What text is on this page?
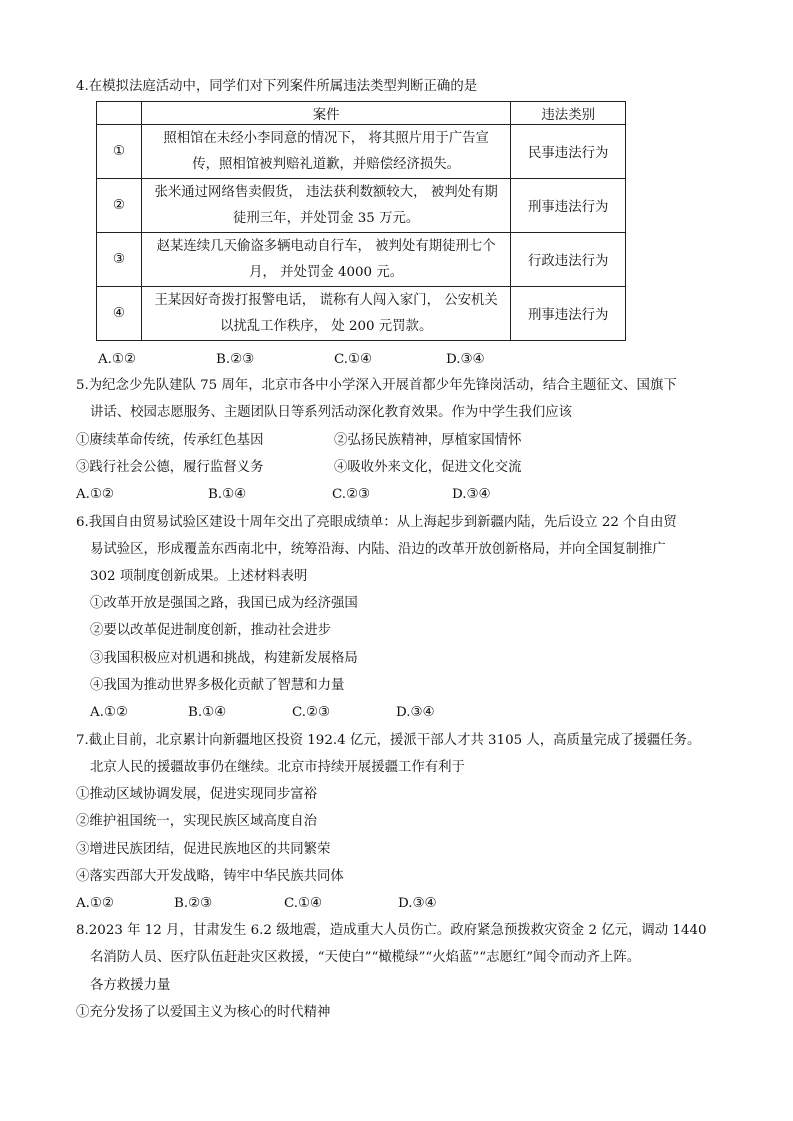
4.在模拟法庭活动中，同学们对下列案件所属违法类型判断正确的是
	案件	违法类别
①	照相馆在未经小李同意的情况下， 将其照片用于广告宣
传，照相馆被判赔礼道歉，并赔偿经济损失。	民事违法行为
②	张米通过网络售卖假货， 违法获利数额较大， 被判处有期
徒刑三年，并处罚金 35 万元。	刑事违法行为
③	赵某连续几天偷盗多辆电动自行车， 被判处有期徒刑七个
月， 并处罚金 4000 元。	行政违法行为
④	王某因好奇拨打报警电话， 谎称有人闯入家门， 公安机关
以扰乱工作秩序， 处 200 元罚款。	刑事违法行为
A.①②	B.②③	C.①④	D.③④
5.为纪念少先队建队 75 周年，北京市各中小学深入开展首都少年先锋岗活动，结合主题征文、国旗下
讲话、校园志愿服务、主题团队日等系列活动深化教育效果。作为中学生我们应该
①赓续革命传统，传承红色基因	②弘扬民族精神，厚植家国情怀
③践行社会公德，履行监督义务	④吸收外来文化，促进文化交流
A.①②	B.①④	C.②③	D.③④
6.我国自由贸易试验区建设十周年交出了亮眼成绩单：从上海起步到新疆内陆，先后设立 22 个自由贸
易试验区，形成覆盖东西南北中，统筹沿海、内陆、沿边的改革开放创新格局，并向全国复制推广
302 项制度创新成果。上述材料表明
①改革开放是强国之路，我国已成为经济强国
②要以改革促进制度创新，推动社会进步
③我国积极应对机遇和挑战，构建新发展格局
④我国为推动世界多极化贡献了智慧和力量
A.①②	B.①④	C.②③	D.③④
7.截止目前，北京累计向新疆地区投资 192.4 亿元，援派干部人才共 3105 人，高质量完成了援疆任务。
北京人民的援疆故事仍在继续。北京市持续开展援疆工作有利于
①推动区域协调发展，促进实现同步富裕
②维护祖国统一，实现民族区域高度自治
③增进民族团结，促进民族地区的共同繁荣
④落实西部大开发战略，铸牢中华民族共同体
A.①②	B.②③	C.①④	D.③④
8.2023 年 12 月，甘肃发生 6.2 级地震，造成重大人员伤亡。政府紧急预拨救灾资金 2 亿元，调动 1440
名消防人员、医疗队伍赶赴灾区救援，“天使白”“橄榄绿”“火焰蓝”“志愿红”闻令而动齐上阵。
各方救援力量
①充分发扬了以爱国主义为核心的时代精神
